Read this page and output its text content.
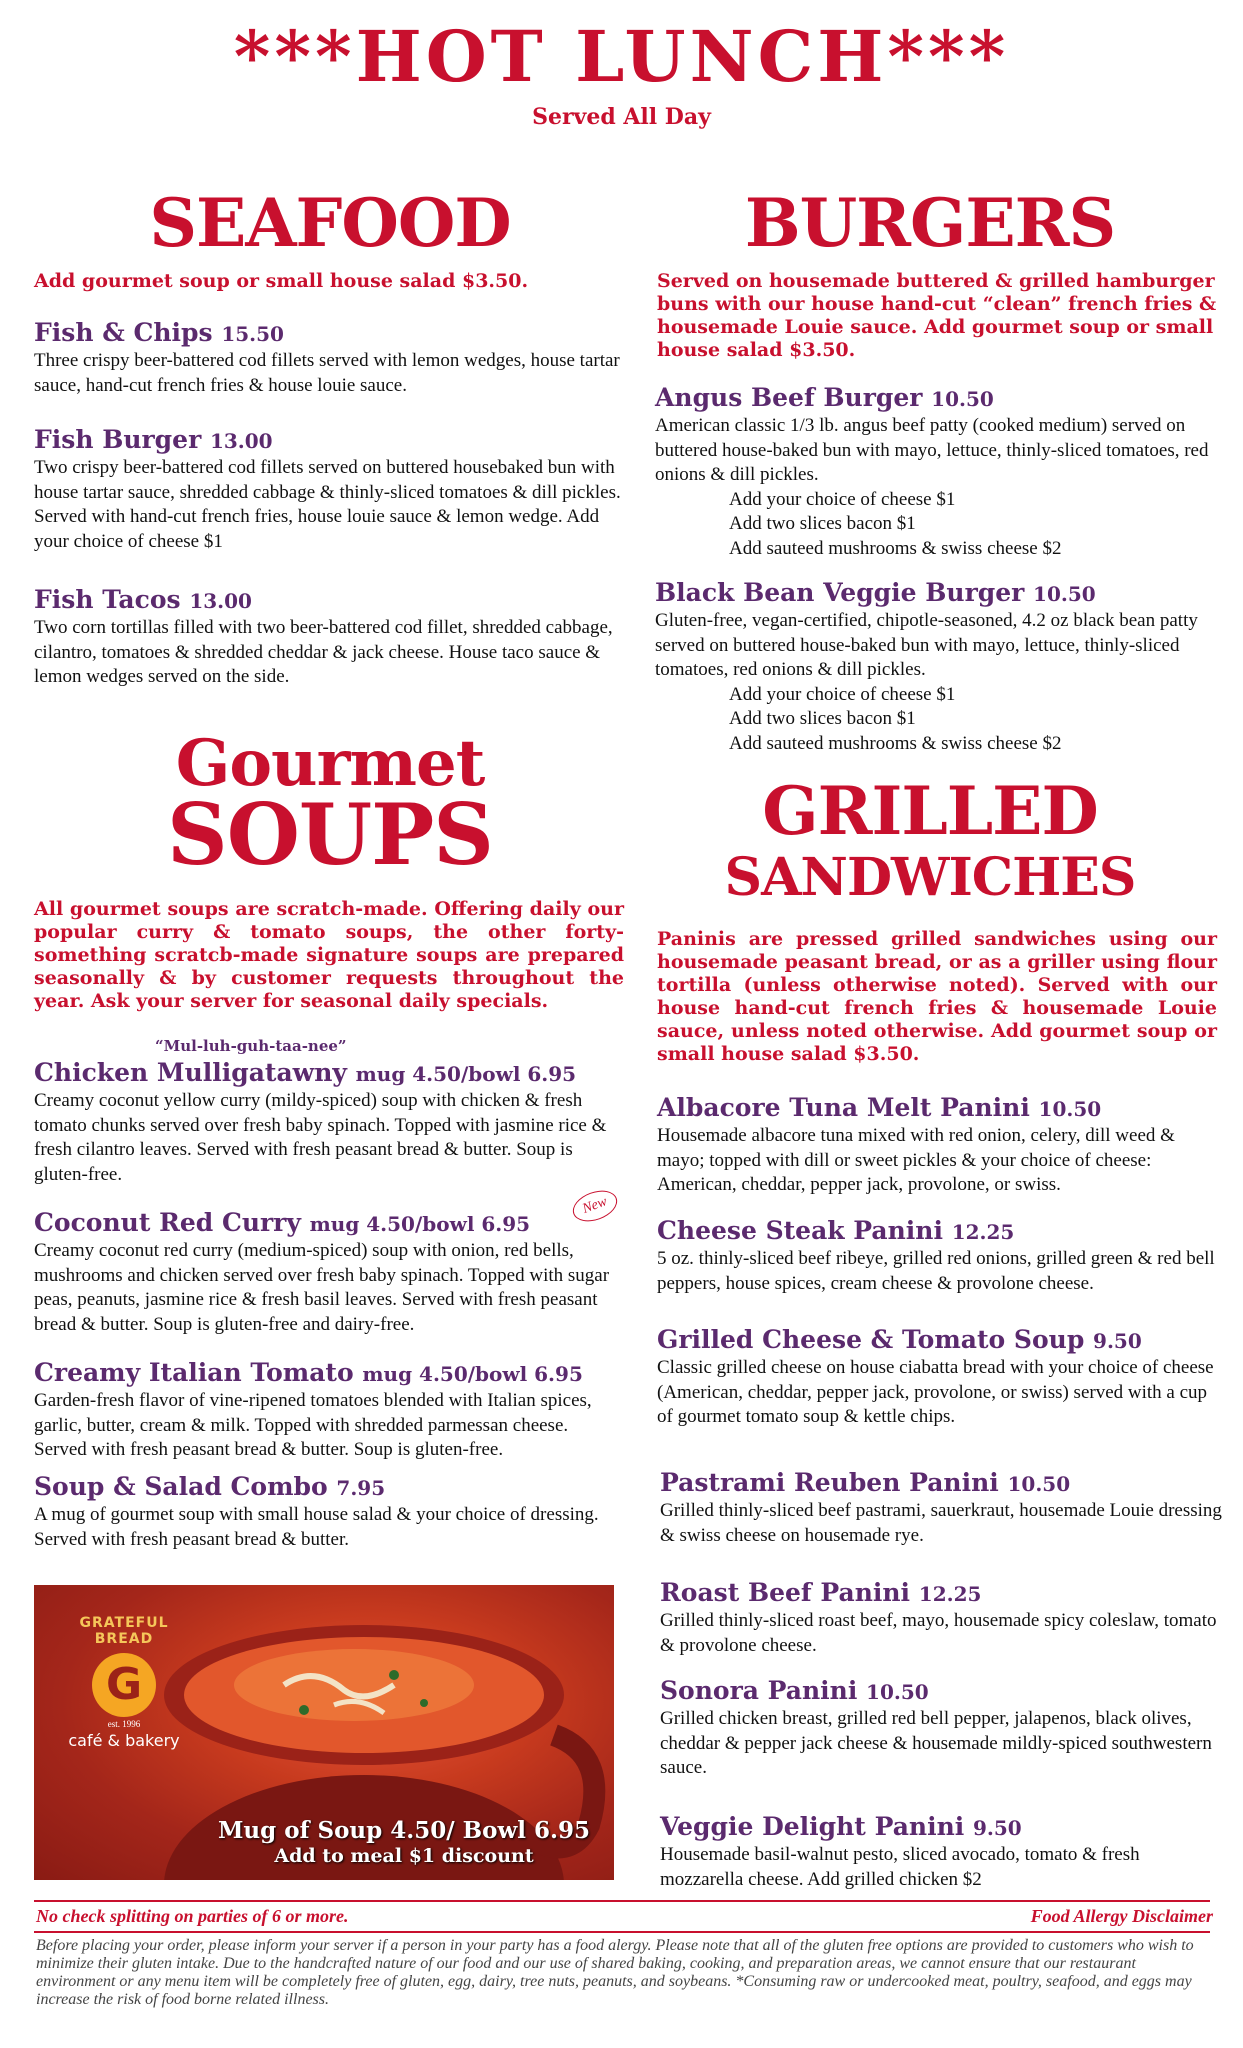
***HOT LUNCH***
Served All Day
SEAFOOD
Add gourmet soup or small house salad $3.50.
Fish & Chips 15.50
Three crispy beer-battered cod fillets served with lemon wedges, house tartar sauce, hand-cut french fries & house louie sauce.
Fish Burger 13.00
Two crispy beer-battered cod fillets served on buttered housebaked bun with house tartar sauce, shredded cabbage & thinly-sliced tomatoes & dill pickles. Served with hand-cut french fries, house louie sauce & lemon wedge. Add your choice of cheese $1
Fish Tacos 13.00
Two corn tortillas filled with two beer-battered cod fillet, shredded cabbage, cilantro, tomatoes & shredded cheddar & jack cheese. House taco sauce & lemon wedges served on the side.
Gourmet
SOUPS
All gourmet soups are scratch-made. Offering daily our popular curry & tomato soups, the other forty-something scratcb-made signature soups are prepared seasonally & by customer requests throughout the year. Ask your server for seasonal daily specials.
“Mul-luh-guh-taa-nee”
Chicken Mulligatawny mug 4.50/bowl 6.95
Creamy coconut yellow curry (mildy-spiced) soup with chicken & fresh tomato chunks served over fresh baby spinach. Topped with jasmine rice & fresh cilantro leaves. Served with fresh peasant bread & butter. Soup is gluten-free.
New
Coconut Red Curry mug 4.50/bowl 6.95
Creamy coconut red curry (medium-spiced) soup with onion, red bells, mushrooms and chicken served over fresh baby spinach. Topped with sugar peas, peanuts, jasmine rice & fresh basil leaves. Served with fresh peasant bread & butter. Soup is gluten-free and dairy-free.
Creamy Italian Tomato mug 4.50/bowl 6.95
Garden-fresh flavor of vine-ripened tomatoes blended with Italian spices, garlic, butter, cream & milk. Topped with shredded parmessan cheese. Served with fresh peasant bread & butter. Soup is gluten-free.
Soup & Salad Combo 7.95
A mug of gourmet soup with small house salad & your choice of dressing. Served with fresh peasant bread & butter.
GRATEFUL BREAD
G
est. 1996
café & bakery
Mug of Soup 4.50/ Bowl 6.95
Add to meal $1 discount
BURGERS
Served on housemade buttered & grilled hamburger buns with our house hand-cut “clean” french fries & housemade Louie sauce. Add gourmet soup or small house salad $3.50.
Angus Beef Burger 10.50
American classic 1/3 lb. angus beef patty (cooked medium) served on buttered house-baked bun with mayo, lettuce, thinly-sliced tomatoes, red onions & dill pickles.
Add your choice of cheese $1
Add two slices bacon $1
Add sauteed mushrooms & swiss cheese $2
Black Bean Veggie Burger 10.50
Gluten-free, vegan-certified, chipotle-seasoned, 4.2 oz black bean patty served on buttered house-baked bun with mayo, lettuce, thinly-sliced tomatoes, red onions & dill pickles.
Add your choice of cheese $1
Add two slices bacon $1
Add sauteed mushrooms & swiss cheese $2
GRILLED
SANDWICHES
Paninis are pressed grilled sandwiches using our housemade peasant bread, or as a griller using flour tortilla (unless otherwise noted). Served with our house hand-cut french fries & housemade Louie sauce, unless noted otherwise. Add gourmet soup or small house salad $3.50.
Albacore Tuna Melt Panini 10.50
Housemade albacore tuna mixed with red onion, celery, dill weed & mayo; topped with dill or sweet pickles & your choice of cheese: American, cheddar, pepper jack, provolone, or swiss.
Cheese Steak Panini 12.25
5 oz. thinly-sliced beef ribeye, grilled red onions, grilled green & red bell peppers, house spices, cream cheese & provolone cheese.
Grilled Cheese & Tomato Soup 9.50
Classic grilled cheese on house ciabatta bread with your choice of cheese (American, cheddar, pepper jack, provolone, or swiss) served with a cup of gourmet tomato soup & kettle chips.
Pastrami Reuben Panini 10.50
Grilled thinly-sliced beef pastrami, sauerkraut, housemade Louie dressing & swiss cheese on housemade rye.
Roast Beef Panini 12.25
Grilled thinly-sliced roast beef, mayo, housemade spicy coleslaw, tomato & provolone cheese.
Sonora Panini 10.50
Grilled chicken breast, grilled red bell pepper, jalapenos, black olives, cheddar & pepper jack cheese & housemade mildly-spiced southwestern sauce.
Veggie Delight Panini 9.50
Housemade basil-walnut pesto, sliced avocado, tomato & fresh mozzarella cheese. Add grilled chicken $2
No check splitting on parties of 6 or more.	Food Allergy Disclaimer
Before placing your order, please inform your server if a person in your party has a food alergy. Please note that all of the gluten free options are provided to customers who wish to minimize their gluten intake. Due to the handcrafted nature of our food and our use of shared baking, cooking, and preparation areas, we cannot ensure that our restaurant environment or any menu item will be completely free of gluten, egg, dairy, tree nuts, peanuts, and soybeans. *Consuming raw or undercooked meat, poultry, seafood, and eggs may increase the risk of food borne related illness.
